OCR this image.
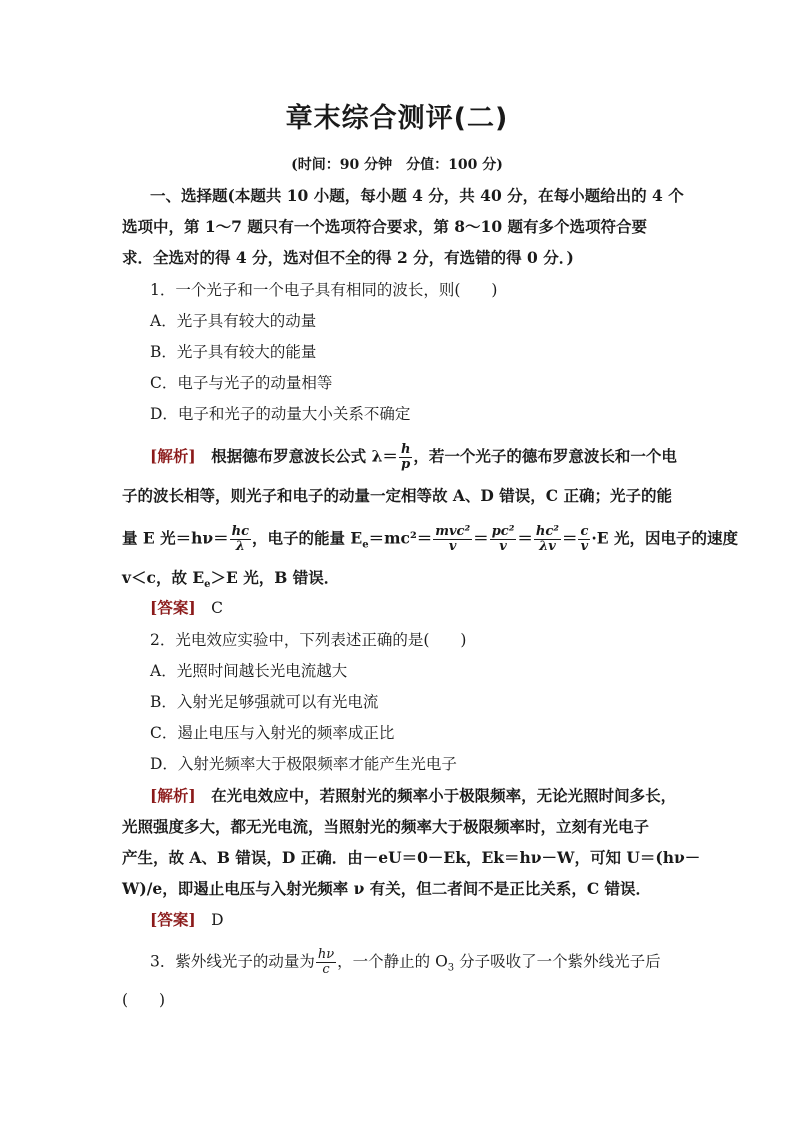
章末综合测评(二)
(时间：90 分钟　分值：100 分)
一、选择题(本题共 10 小题，每小题 4 分，共 40 分，在每小题给出的 4 个
选项中，第 1～7 题只有一个选项符合要求，第 8～10 题有多个选项符合要
求．全选对的得 4 分，选对但不全的得 2 分，有选错的得 0 分．)
1．一个光子和一个电子具有相同的波长，则(　　)
A．光子具有较大的动量
B．光子具有较大的能量
C．电子与光子的动量相等
D．电子和光子的动量大小关系不确定
[解析]　根据德布罗意波长公式 $\lambda= \frac{h}{p}$ ，若一个光子的德布罗意波长和一个电
子的波长相等，则光子和电子的动量一定相等故 A、D 错误，C 正确；光子的能
量 E 光$=h\nu= \frac{hc}{\lambda}$ ，电子的能量 $E_e=mc^2= \frac{\text{mvc²}}{v} = \frac{\text{pc²}}{v} = \frac{\text{hc²}}{\lambda v} = \frac{c}{v} \cdot E$ 光，因电子的速度
v＜c，故 $E_e>E$ 光，B 错误．
[答案]　C
2．光电效应实验中，下列表述正确的是(　　)
A．光照时间越长光电流越大
B．入射光足够强就可以有光电流
C．遏止电压与入射光的频率成正比
D．入射光频率大于极限频率才能产生光电子
[解析]　在光电效应中，若照射光的频率小于极限频率，无论光照时间多长，
光照强度多大，都无光电流，当照射光的频率大于极限频率时，立刻有光电子
产生，故 A、B 错误，D 正确．由－eU＝0－Ek，Ek＝hν－W，可知 U＝(hν－
W)/e，即遏止电压与入射光频率 ν 有关，但二者间不是正比关系，C 错误．
[答案]　D
3．紫外线光子的动量为 $\frac{h\nu}{c}$ ，一个静止的 $O_3$ 分子吸收了一个紫外线光子后
(　　)
